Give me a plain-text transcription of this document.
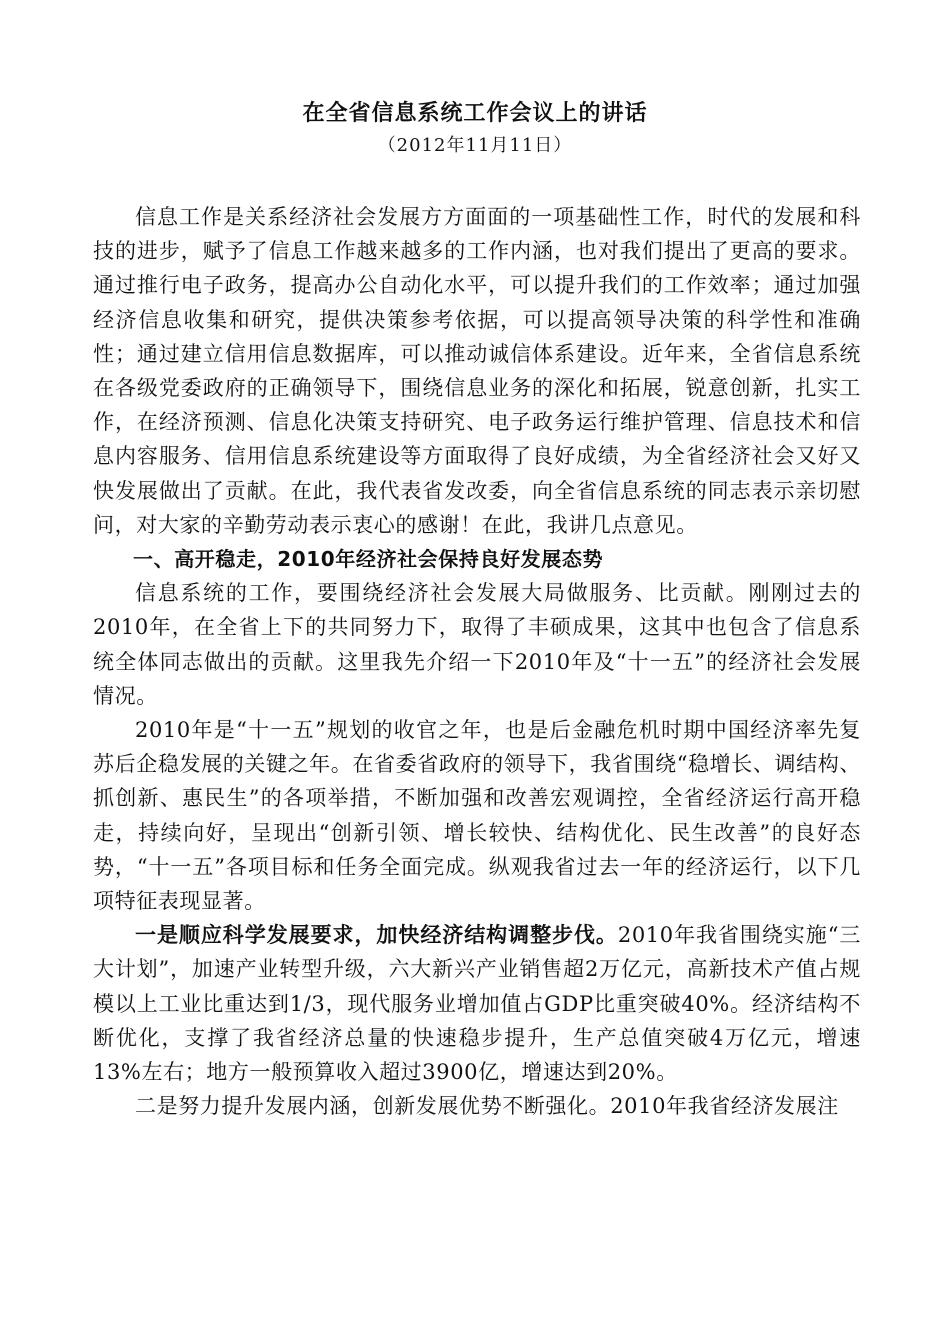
在全省信息系统工作会议上的讲话
（2012年11月11日）

信息工作是关系经济社会发展方方面面的一项基础性工作，时代的发展和科技的进步，赋予了信息工作越来越多的工作内涵，也对我们提出了更高的要求。通过推行电子政务，提高办公自动化水平，可以提升我们的工作效率；通过加强经济信息收集和研究，提供决策参考依据，可以提高领导决策的科学性和准确性；通过建立信用信息数据库，可以推动诚信体系建设。近年来，全省信息系统在各级党委政府的正确领导下，围绕信息业务的深化和拓展，锐意创新，扎实工作，在经济预测、信息化决策支持研究、电子政务运行维护管理、信息技术和信息内容服务、信用信息系统建设等方面取得了良好成绩，为全省经济社会又好又快发展做出了贡献。在此，我代表省发改委，向全省信息系统的同志表示亲切慰问，对大家的辛勤劳动表示衷心的感谢！在此，我讲几点意见。

一、高开稳走，2010年经济社会保持良好发展态势

信息系统的工作，要围绕经济社会发展大局做服务、比贡献。刚刚过去的2010年，在全省上下的共同努力下，取得了丰硕成果，这其中也包含了信息系统全体同志做出的贡献。这里我先介绍一下2010年及“十一五”的经济社会发展情况。

2010年是“十一五”规划的收官之年，也是后金融危机时期中国经济率先复苏后企稳发展的关键之年。在省委省政府的领导下，我省围绕“稳增长、调结构、抓创新、惠民生”的各项举措，不断加强和改善宏观调控，全省经济运行高开稳走，持续向好，呈现出“创新引领、增长较快、结构优化、民生改善”的良好态势，“十一五”各项目标和任务全面完成。纵观我省过去一年的经济运行，以下几项特征表现显著。

一是顺应科学发展要求，加快经济结构调整步伐。2010年我省围绕实施“三大计划”，加速产业转型升级，六大新兴产业销售超2万亿元，高新技术产值占规模以上工业比重达到1/3，现代服务业增加值占GDP比重突破40%。经济结构不断优化，支撑了我省经济总量的快速稳步提升，生产总值突破4万亿元，增速13%左右；地方一般预算收入超过3900亿，增速达到20%。

二是努力提升发展内涵，创新发展优势不断强化。2010年我省经济发展注
